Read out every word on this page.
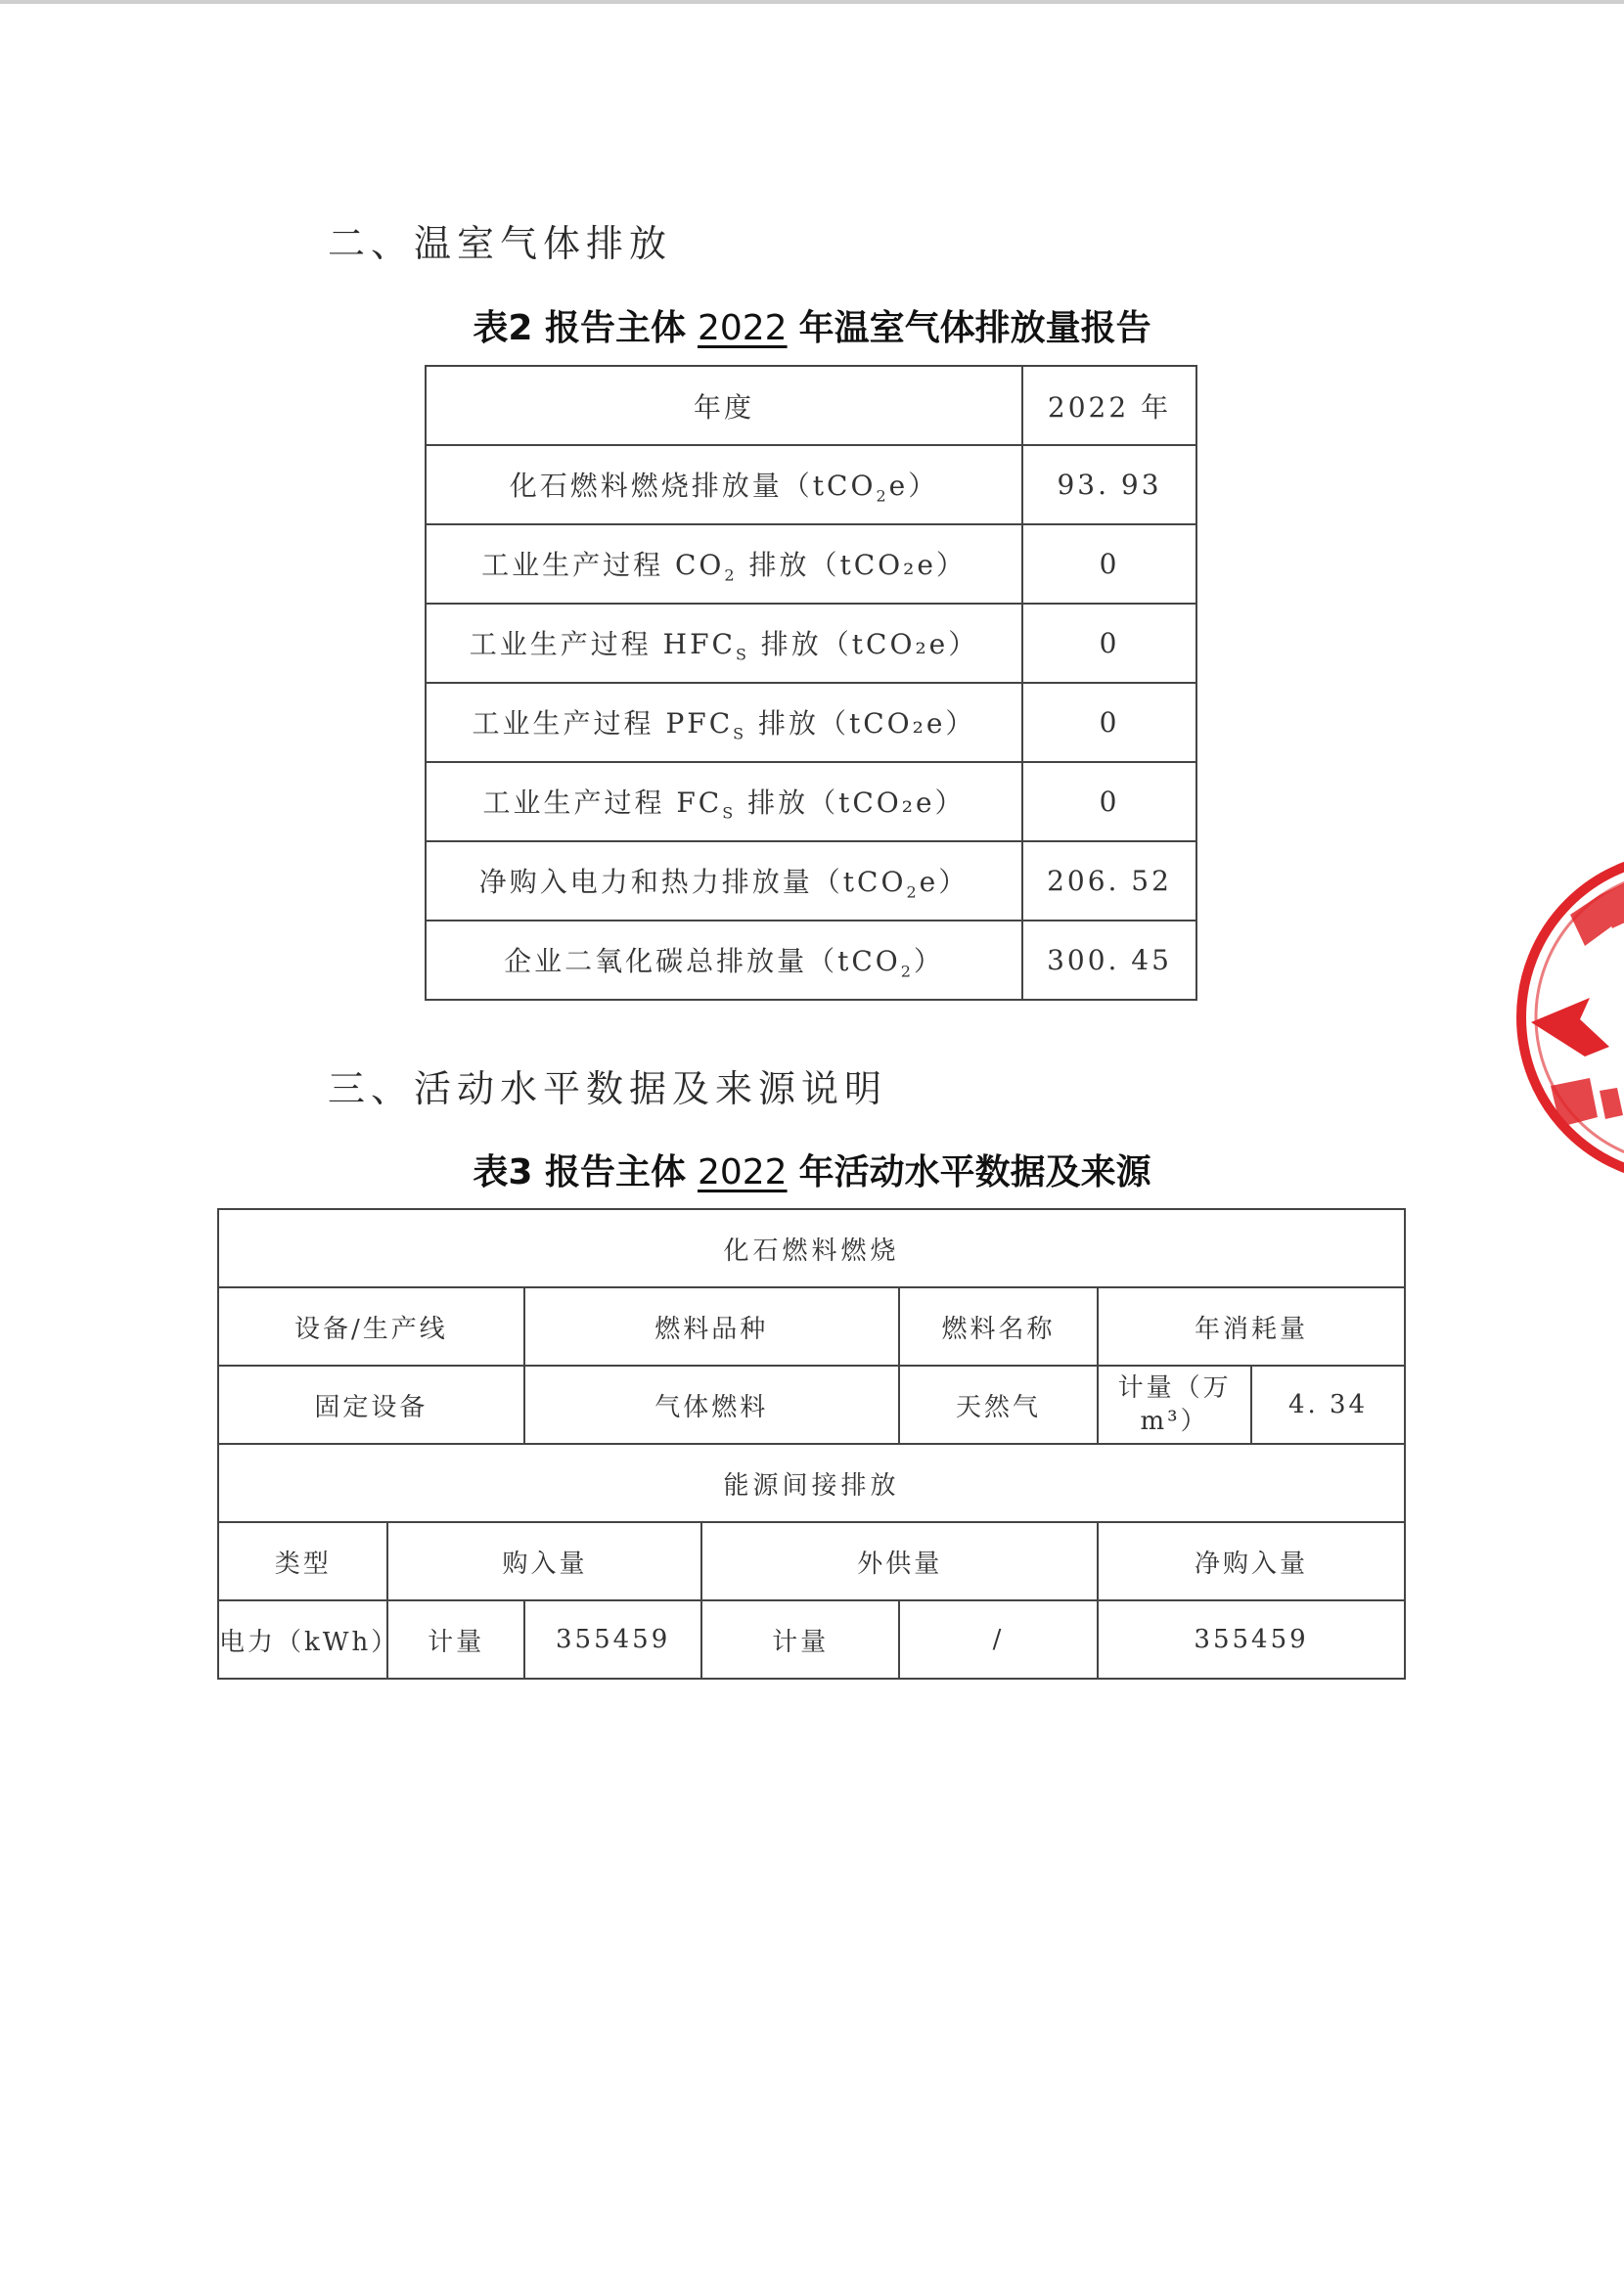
二、温室气体排放
表2 报告主体 2022 年温室气体排放量报告
年度	2022 年
化石燃料燃烧排放量（tCO$_2$e）	93. 93
工业生产过程 $CO_2$ 排放（tCO₂e）	0
工业生产过程 $HFC_S$ 排放（tCO₂e）	0
工业生产过程 $PFC_S$ 排放（tCO₂e）	0
工业生产过程 $FC_S$ 排放（tCO₂e）	0
净购入电力和热力排放量（tCO$_2$e）	206. 52
企业二氧化碳总排放量（tCO$_2$）	300. 45
三、活动水平数据及来源说明
表3 报告主体 2022 年活动水平数据及来源
化石燃料燃烧						
设备/生产线		燃料品种		燃料名称	年消耗量	
固定设备		气体燃料		天然气	计量（万m³）	4. 34
能源间接排放						
类型	购入量		外供量		净购入量	
电力（kWh）	计量	355459	计量	/	355459	
